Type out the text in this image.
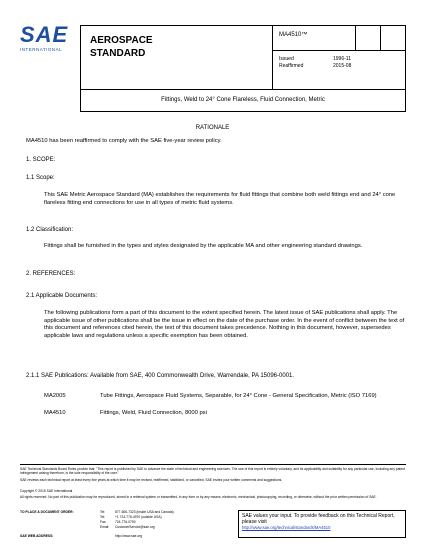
SAE
INTERNATIONAL
AEROSPACE
STANDARD
MA4510™
Issued	1996-11
Reaffirmed	2015-08
Fittings, Weld to 24° Cone Flareless, Fluid Connection, Metric
RATIONALE
MA4510 has been reaffirmed to comply with the SAE five-year review policy.
1. SCOPE:
1.1 Scope:
This SAE Metric Aerospace Standard (MA) establishes the requirements for fluid fittings that combine both weld fittings end and 24° cone flareless fitting end connections for use in all types of metric fluid systems.
1.2 Classification:
Fittings shall be furnished in the types and styles designated by the applicable MA and other engineering standard drawings.
2. REFERENCES:
2.1 Applicable Documents:
The following publications form a part of this document to the extent specified herein. The latest issue of SAE publications shall apply. The applicable issue of other publications shall be the issue in effect on the date of the purchase order. In the event of conflict between the text of this document and references cited herein, the text of this document takes precedence. Nothing in this document, however, supersedes applicable laws and regulations unless a specific exemption has been obtained.
2.1.1 SAE Publications: Available from SAE, 400 Commonwealth Drive, Warrendale, PA 15096-0001.
MA2005	Tube Fittings, Aerospace Fluid Systems, Separable, for 24° Cone - General Specification, Metric (ISO 7169)
MA4510	Fittings, Weld, Fluid Connection, 8000 psi
SAE Technical Standards Board Rules provide that: "This report is published by SAE to advance the state of technical and engineering sciences. The use of this report is entirely voluntary, and its applicability and suitability for any particular use, including any patent infringement arising therefrom, is the sole responsibility of the user."
SAE reviews each technical report at least every five years at which time it may be revised, reaffirmed, stabilized, or cancelled. SAE invites your written comments and suggestions.
Copyright © 2015 SAE International
All rights reserved. No part of this publication may be reproduced, stored in a retrieval system or transmitted, in any form or by any means, electronic, mechanical, photocopying, recording, or otherwise, without the prior written permission of SAE.
TO PLACE A DOCUMENT ORDER:	Tel:	877-606-7323 (inside USA and Canada)
Tel:	+1 724-776-4970 (outside USA)
Fax:	724-776-0790
Email: CustomerService@sae.org
SAE WEB ADDRESS:	http://www.sae.org
SAE values your input. To provide feedback on this Technical Report, please visit
http://www.sae.org/technical/standards/MA4510
